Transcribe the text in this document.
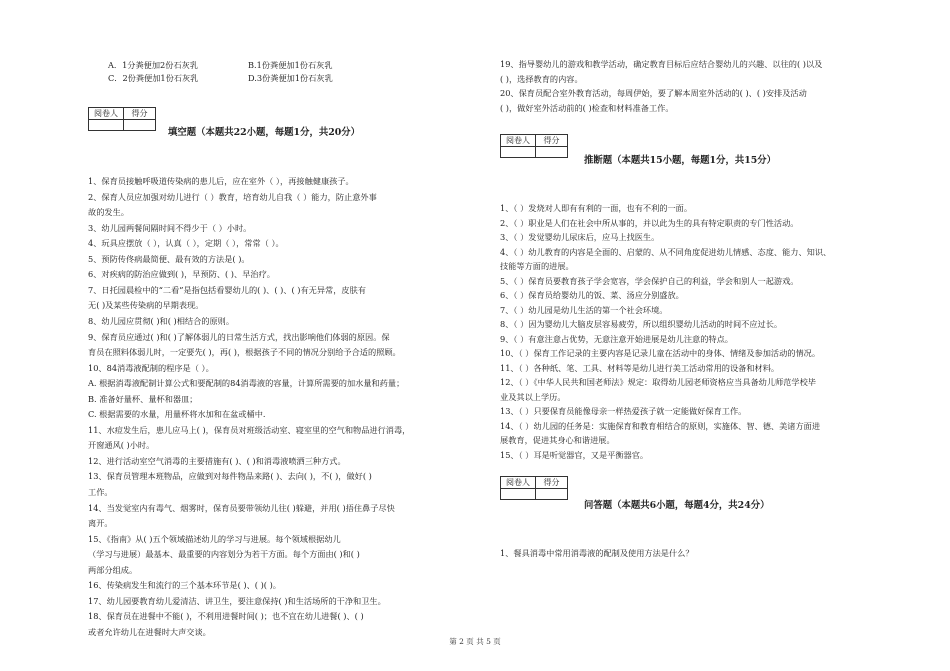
A．1分粪便加2份石灰乳	B.1份粪便加1份石灰乳
C．2份粪便加1份石灰乳	D.3份粪便加1份石灰乳
阅卷人	得分
填空题（本题共22小题，每题1分，共20分）
1、保育员接触呼吸道传染病的患儿后，应在室外（ ），再接触健康孩子。
2、保育人员应加强对幼儿进行（ ）教育，培育幼儿自我（ ）能力，防止意外事
故的发生。
3、幼儿园两餐间隔时间不得少于（ ）小时。
4、玩具应摆放（ ），认真（ ），定期（ ），常常（ ）。
5、预防传佟病最简便、最有效的方法是( )。
6、对疾病的防治应做到( )，早预防、( )、早治疗。
7、日托园晨检中的“二看”是指包括看婴幼儿的( )、( )、( )有无异常，皮肤有
无( )及某些传染病的早期表现。
8、幼儿园应贯彻( )和( )相结合的原则。
9、保育员应通过( )和( )了解体弱儿的日常生活方式，找出影响他们体弱的原因。保
育员在照料体弱儿时，一定要先( )，再( )，根据孩子不同的情况分别给予合适的照顾。
10、84消毒液配制的程序是（ ）。
A. 根据消毒液配制计算公式和要配制的84消毒液的容量，计算所需要的加水量和药量；
B. 准备好量杯、量杯和器皿；
C. 根据需要的水量，用量杯将水加和在盆或桶中.
11、水痘发生后，患儿应马上( )，保育员对班级活动室、寝室里的空气和物品进行消毒，
开窗通风( )小时。
12、进行活动室空气消毒的主要措施有( )、( )和消毒液喷洒三种方式。
13、保育员管理本班物品，应做到对每件物品来路( )、去向( )，不( )，做好( )
工作。
14、当发觉室内有毒气、烟雾时，保育员要带领幼儿往( )躲避，并用( )捂住鼻子尽快
离开。
15、《指南》从( )五个领域描述幼儿的学习与进展。每个领域根据幼儿
（学习与进展）最基本、最重要的内容划分为若干方面。每个方面由( )和( )
两部分组成。
16、传染病发生和流行的三个基本环节是( )、( )( )。
17、幼儿园要教育幼儿爱清洁、讲卫生，要注意保持( )和生活场所的干净和卫生。
18、保育员在进餐中不能( )，不利用进餐时间( )；也不宜在幼儿进餐( )、( )
或者允许幼儿在进餐时大声交谈。
19、指导婴幼儿的游戏和教学活动，确定教育目标后应结合婴幼儿的兴趣、以往的( )以及
( )，选择教育的内容。
20、保育员配合室外教育活动，每周伊始，要了解本周室外活动的( )、( )安排及活动
( )，做好室外活动前的( )检查和材料准备工作。
阅卷人	得分
推断题（本题共15小题，每题1分，共15分）
1、（ ）发烧对人即有有利的一面，也有不利的一面。
2、（ ）职业是人们在社会中所从事的，并以此为生的具有特定职责的专门性活动。
3、（ ）发觉婴幼儿尿床后，应马上找医生。
4、（ ）幼儿教育的内容是全面的、启蒙的、从不同角度促进幼儿情感、态度、能力、知识、
技能等方面的进展。
5、（ ）保育员要教育孩子学会宽容，学会保护自己的利益，学会和别人一起游戏。
6、（ ）保育员给婴幼儿的饭、菜、汤应分别盛放。
7、（ ）幼儿园是幼儿生活的第一个社会环境。
8、（ ）因为婴幼儿大脑皮层容易疲劳，所以组织婴幼儿活动的时间不应过长。
9、（ ）有意注意占优势，无意注意开始进展是幼儿注意的特点。
10、（ ）保育工作记录的主要内容是记录儿童在活动中的身体、情绪及参加活动的情况。
11、（ ）各种纸、笔、工具、材料等是幼儿进行美工活动常用的设备和材料。
12、（ ）《中华人民共和国老师法》规定：取得幼儿园老师资格应当具备幼儿师范学校毕
业及其以上学历。
13、（ ）只要保育员能像母亲一样热爱孩子就一定能做好保育工作。
14、（ ）幼儿园的任务是：实施保育和教育相结合的原则，实施体、智、德、美诸方面进
展教育，促进其身心和谐进展。
15、（ ）耳是听觉器官，又是平衡器官。
阅卷人	得分
问答题（本题共6小题，每题4分，共24分）
1、餐具消毒中常用消毒液的配制及使用方法是什么？
第 2 页 共 5 页
